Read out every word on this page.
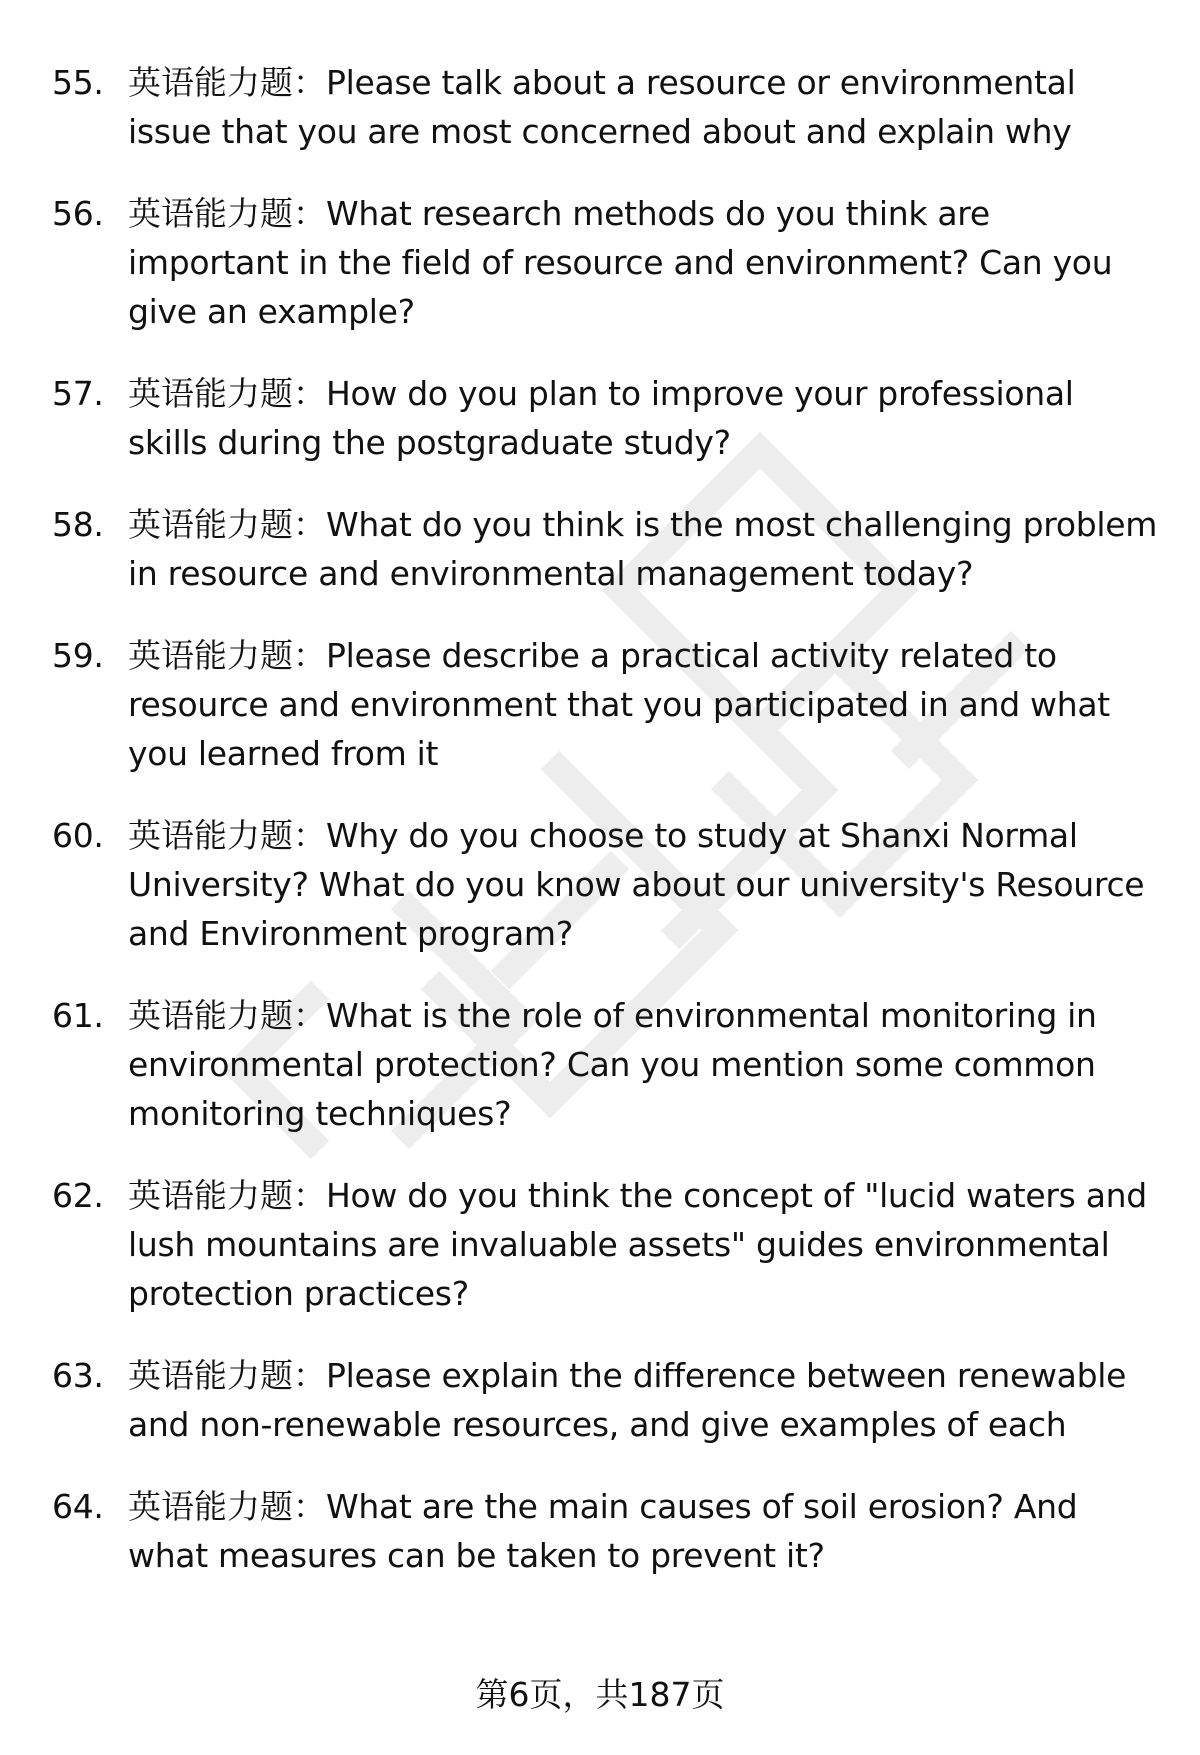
55. 英语能力题：Please talk about a resource or environmental issue that you are most concerned about and explain why
56. 英语能力题：What research methods do you think are important in the field of resource and environment? Can you give an example?
57. 英语能力题：How do you plan to improve your professional skills during the postgraduate study?
58. 英语能力题：What do you think is the most challenging problem in resource and environmental management today?
59. 英语能力题：Please describe a practical activity related to resource and environment that you participated in and what you learned from it
60. 英语能力题：Why do you choose to study at Shanxi Normal University? What do you know about our university's Resource and Environment program?
61. 英语能力题：What is the role of environmental monitoring in environmental protection? Can you mention some common monitoring techniques?
62. 英语能力题：How do you think the concept of "lucid waters and lush mountains are invaluable assets" guides environmental protection practices?
63. 英语能力题：Please explain the difference between renewable and non-renewable resources, and give examples of each
64. 英语能力题：What are the main causes of soil erosion? And what measures can be taken to prevent it?
第6页，共187页
